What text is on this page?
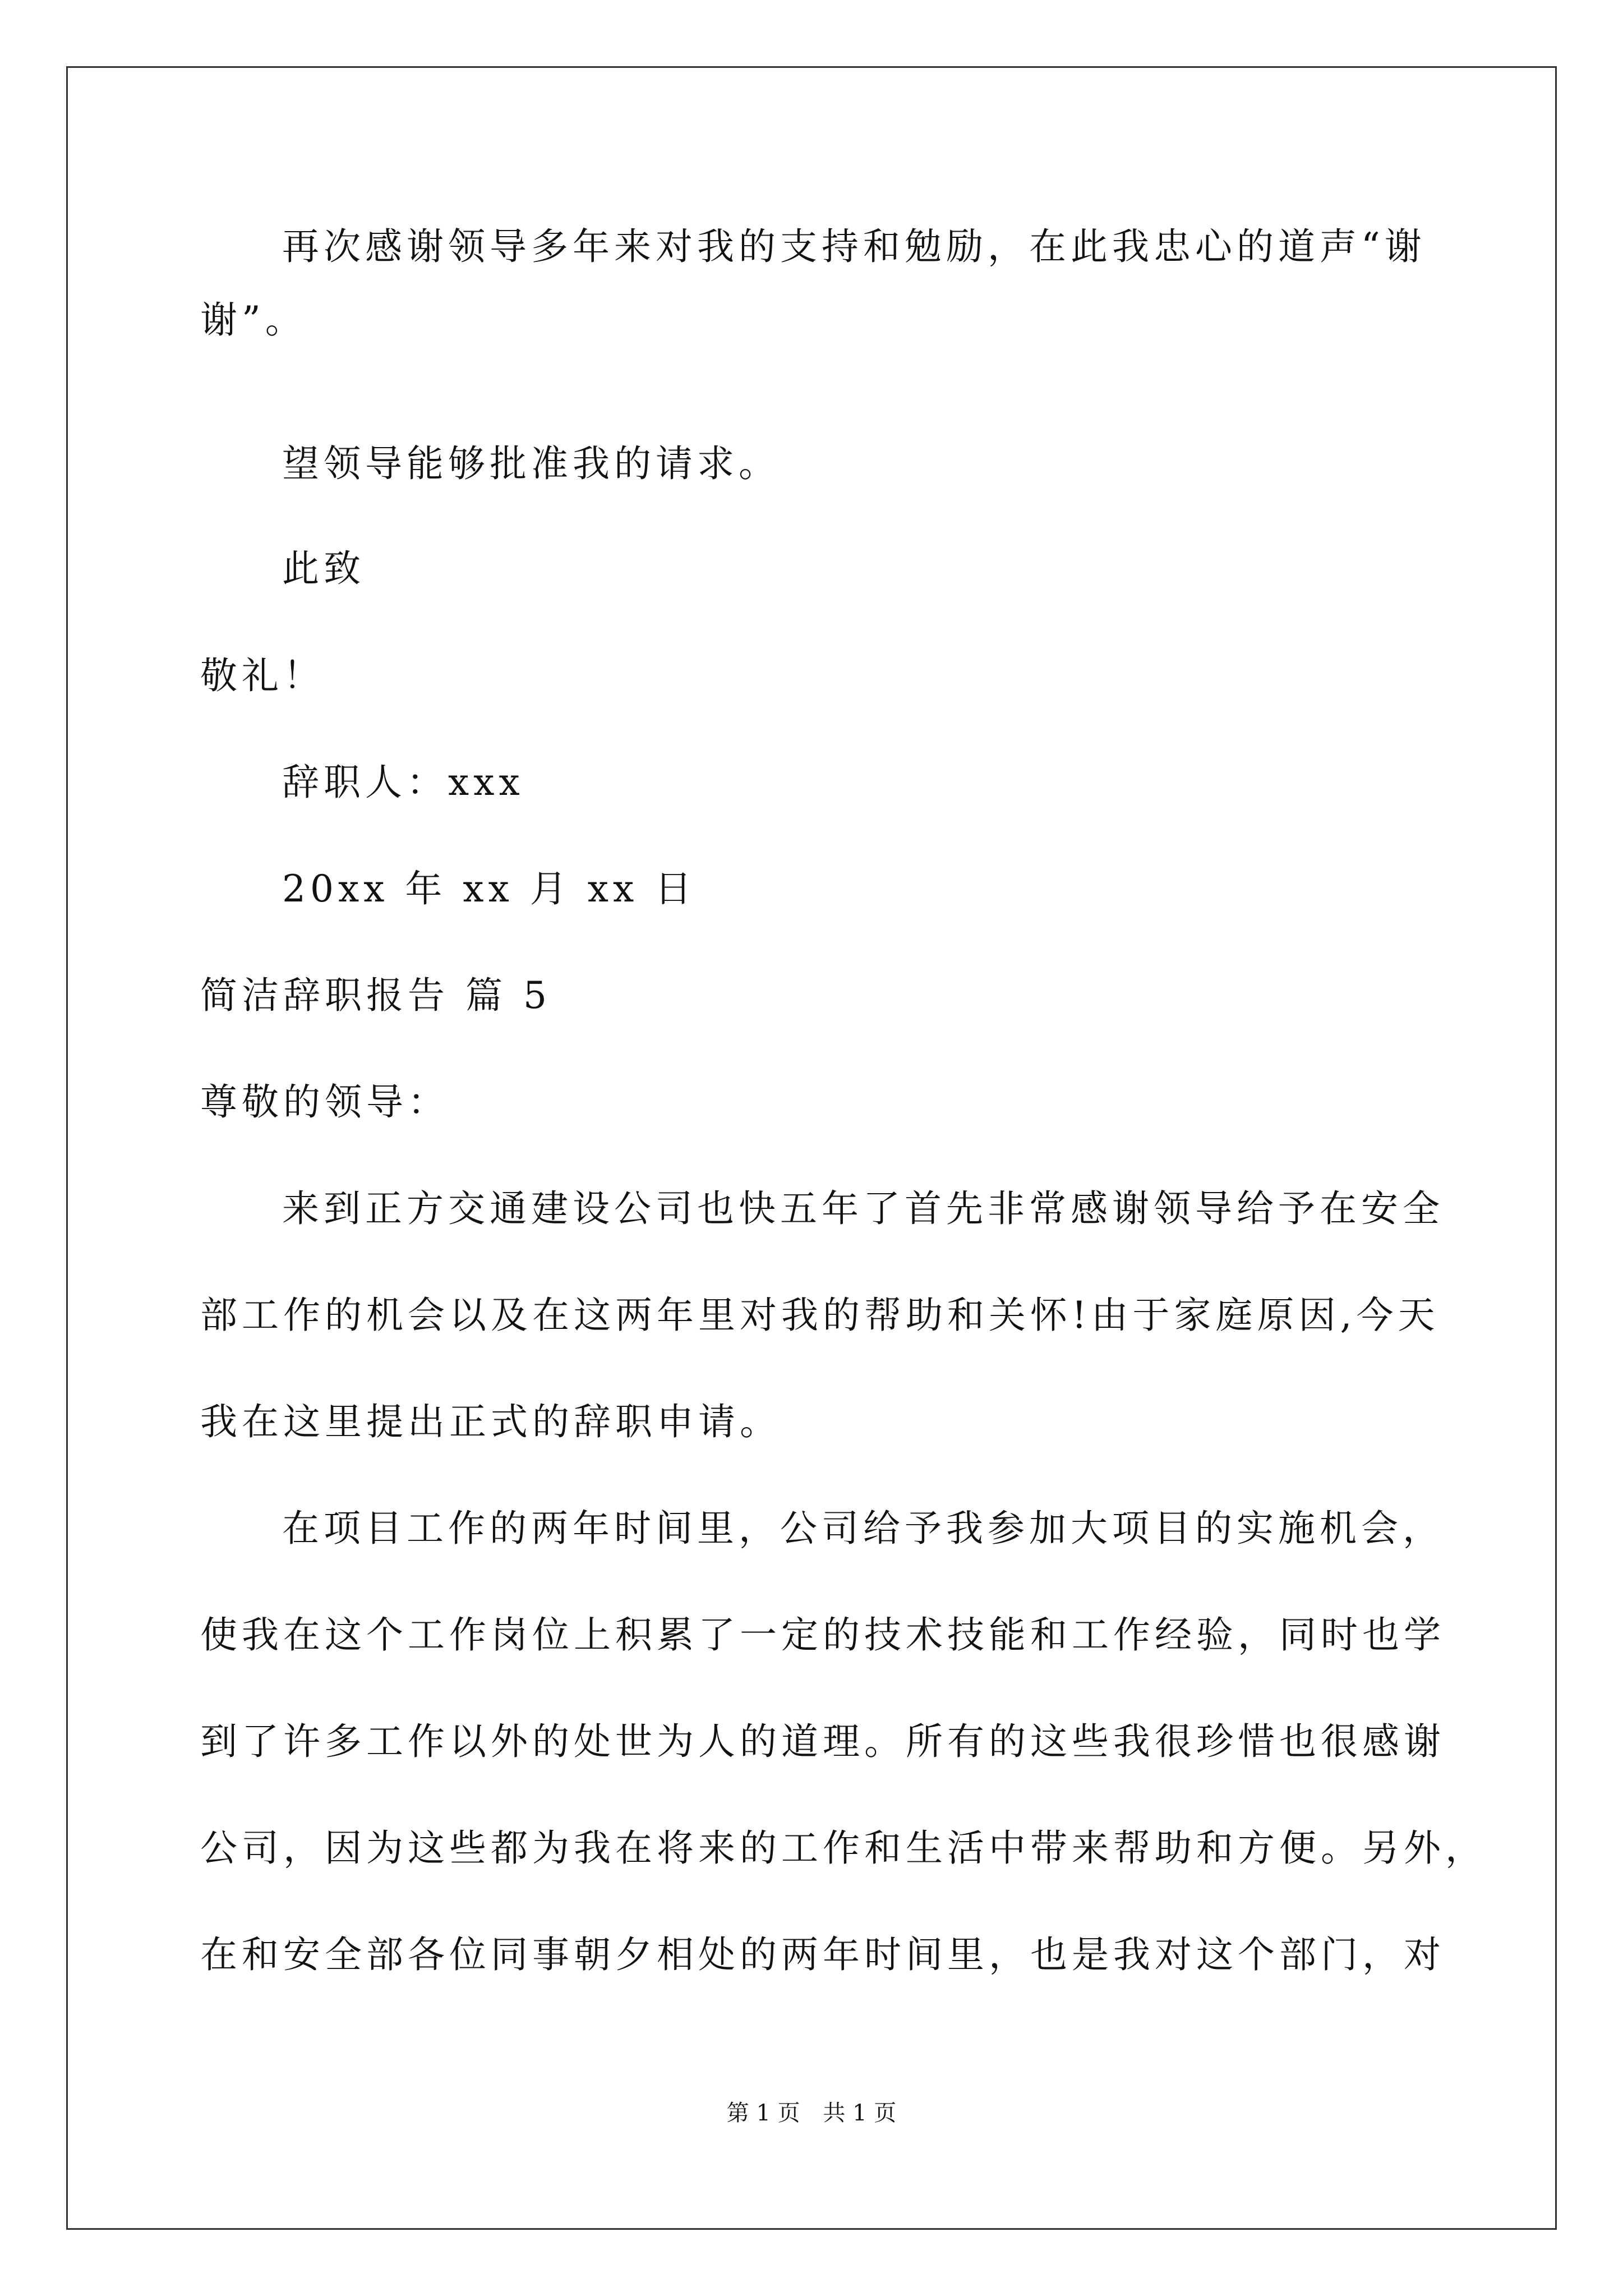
再次感谢领导多年来对我的支持和勉励，在此我忠心的道声“谢
谢”。
望领导能够批准我的请求。
此致
敬礼！
辞职人：xxx
20xx 年 xx 月 xx 日
简洁辞职报告 篇 5
尊敬的领导：
来到正方交通建设公司也快五年了首先非常感谢领导给予在安全
部工作的机会以及在这两年里对我的帮助和关怀!由于家庭原因,今天
我在这里提出正式的辞职申请。
在项目工作的两年时间里，公司给予我参加大项目的实施机会，
使我在这个工作岗位上积累了一定的技术技能和工作经验，同时也学
到了许多工作以外的处世为人的道理。所有的这些我很珍惜也很感谢
公司，因为这些都为我在将来的工作和生活中带来帮助和方便。另外，
在和安全部各位同事朝夕相处的两年时间里，也是我对这个部门，对
第 1 页 共 1 页
